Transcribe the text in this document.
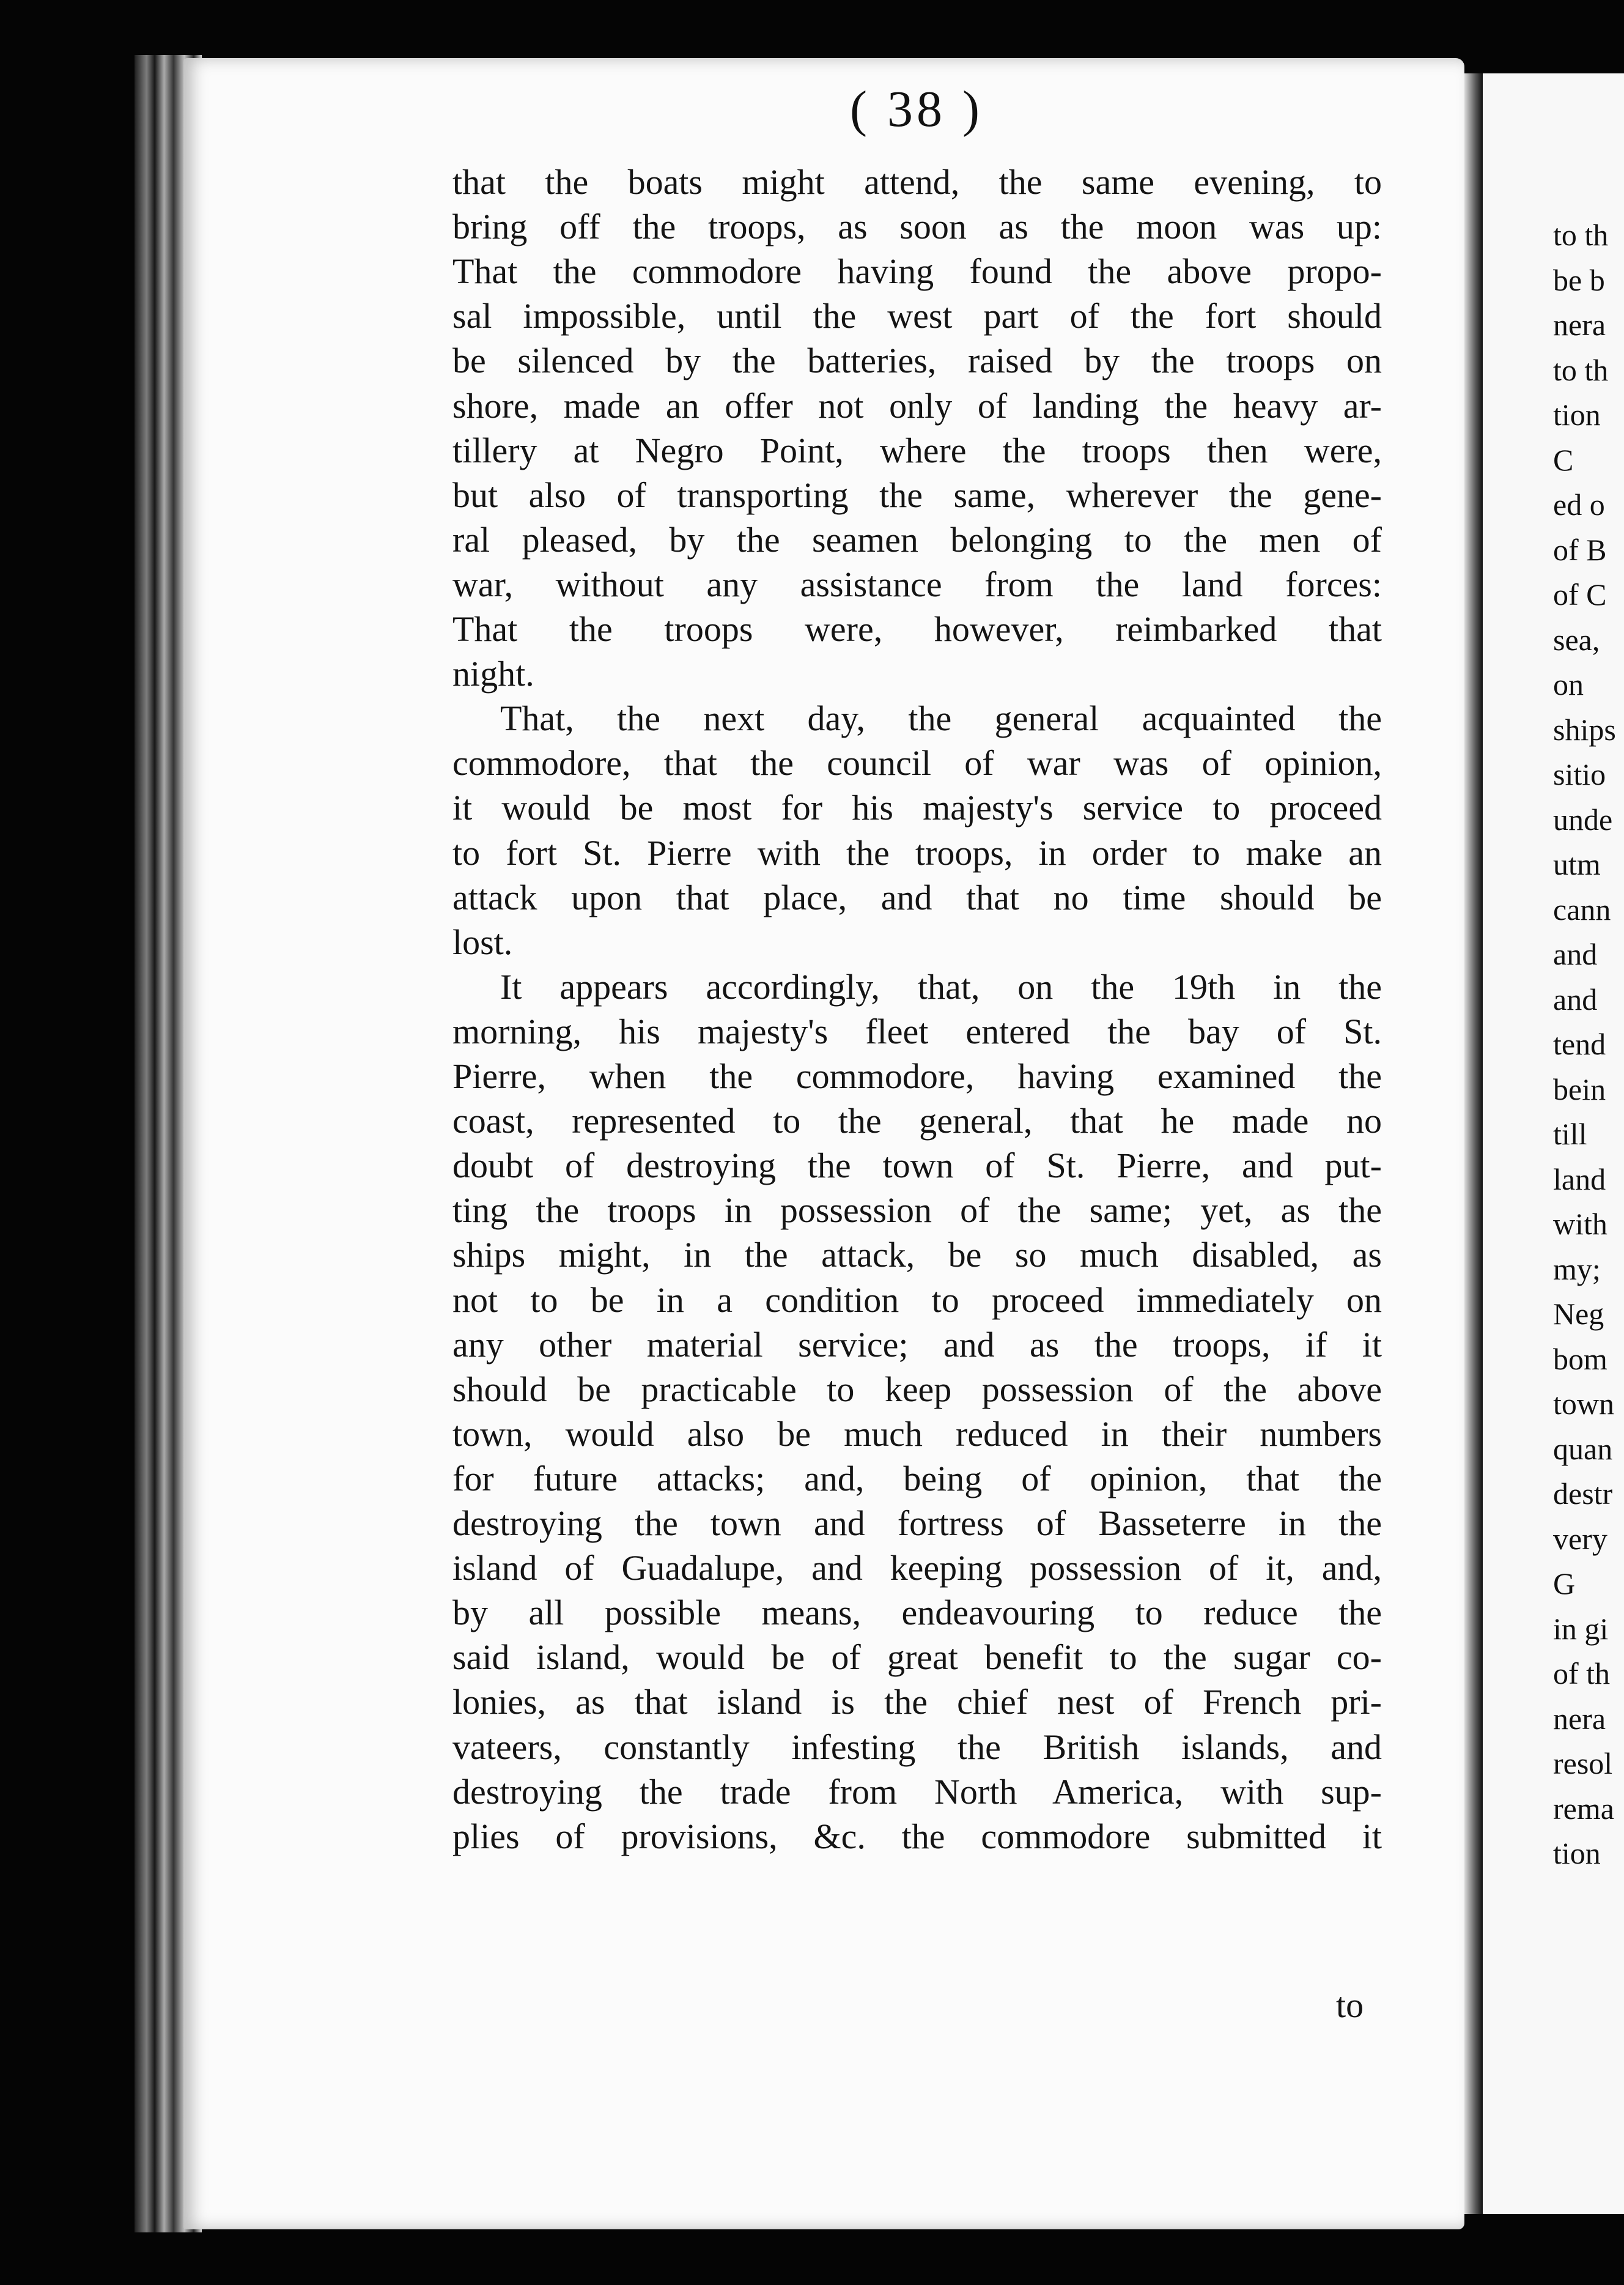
( 38 )
that the boats might attend, the same evening, to
bring off the troops, as soon as the moon was up:
That the commodore having found the above propo-
sal impossible, until the west part of the fort should
be silenced by the batteries, raised by the troops on
shore, made an offer not only of landing the heavy ar-
tillery at Negro Point, where the troops then were,
but also of transporting the same, wherever the gene-
ral pleased, by the seamen belonging to the men of
war, without any assistance from the land forces:
That the troops were, however, reimbarked that
night.
That, the next day, the general acquainted the
commodore, that the council of war was of opinion,
it would be most for his majesty's service to proceed
to fort St. Pierre with the troops, in order to make an
attack upon that place, and that no time should be
lost.
It appears accordingly, that, on the 19th in the
morning, his majesty's fleet entered the bay of St.
Pierre, when the commodore, having examined the
coast, represented to the general, that he made no
doubt of destroying the town of St. Pierre, and put-
ting the troops in possession of the same; yet, as the
ships might, in the attack, be so much disabled, as
not to be in a condition to proceed immediately on
any other material service; and as the troops, if it
should be practicable to keep possession of the above
town, would also be much reduced in their numbers
for future attacks; and, being of opinion, that the
destroying the town and fortress of Basseterre in the
island of Guadalupe, and keeping possession of it, and,
by all possible means, endeavouring to reduce the
said island, would be of great benefit to the sugar co-
lonies, as that island is the chief nest of French pri-
vateers, constantly infesting the British islands, and
destroying the trade from North America, with sup-
plies of provisions, &c. the commodore submitted it
to
to th
be b
nera
to th
tion
C
ed o
of B
of C
sea,
on
ships
sitio
unde
utm
cann
and
and
tend
bein
till
land
with
my;
Neg
bom
town
quan
destr
very
G
in gi
of th
nera
resol
rema
tion
